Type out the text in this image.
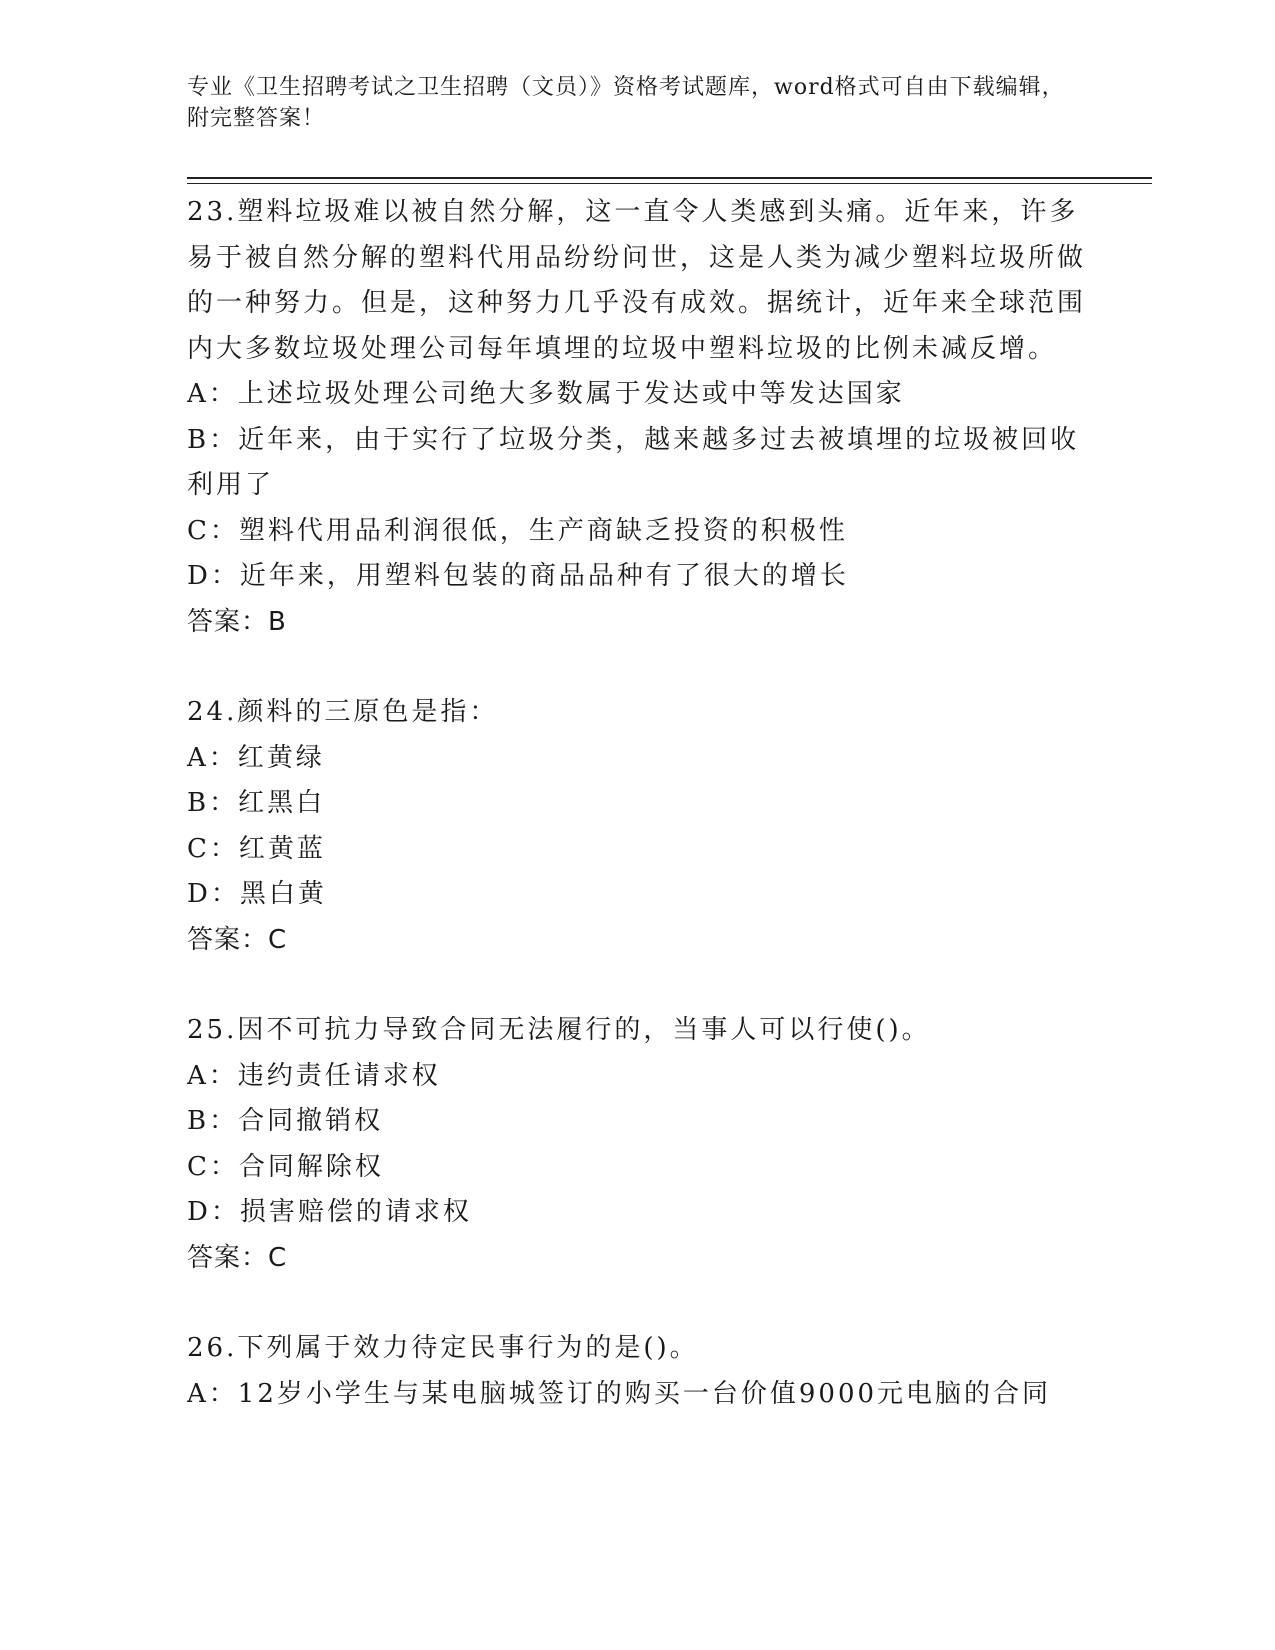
专业《卫生招聘考试之卫生招聘（文员）》资格考试题库，word格式可自由下载编辑，附完整答案！

23.塑料垃圾难以被自然分解，这一直令人类感到头痛。近年来，许多易于被自然分解的塑料代用品纷纷问世，这是人类为减少塑料垃圾所做的一种努力。但是，这种努力几乎没有成效。据统计，近年来全球范围内大多数垃圾处理公司每年填埋的垃圾中塑料垃圾的比例未减反增。

A：上述垃圾处理公司绝大多数属于发达或中等发达国家

B：近年来，由于实行了垃圾分类，越来越多过去被填埋的垃圾被回收利用了

C：塑料代用品利润很低，生产商缺乏投资的积极性

D：近年来，用塑料包装的商品品种有了很大的增长

答案：B

24.颜料的三原色是指：

A：红黄绿

B：红黑白

C：红黄蓝

D：黑白黄

答案：C

25.因不可抗力导致合同无法履行的，当事人可以行使()。

A：违约责任请求权

B：合同撤销权

C：合同解除权

D：损害赔偿的请求权

答案：C

26.下列属于效力待定民事行为的是()。

A：12岁小学生与某电脑城签订的购买一台价值9000元电脑的合同
